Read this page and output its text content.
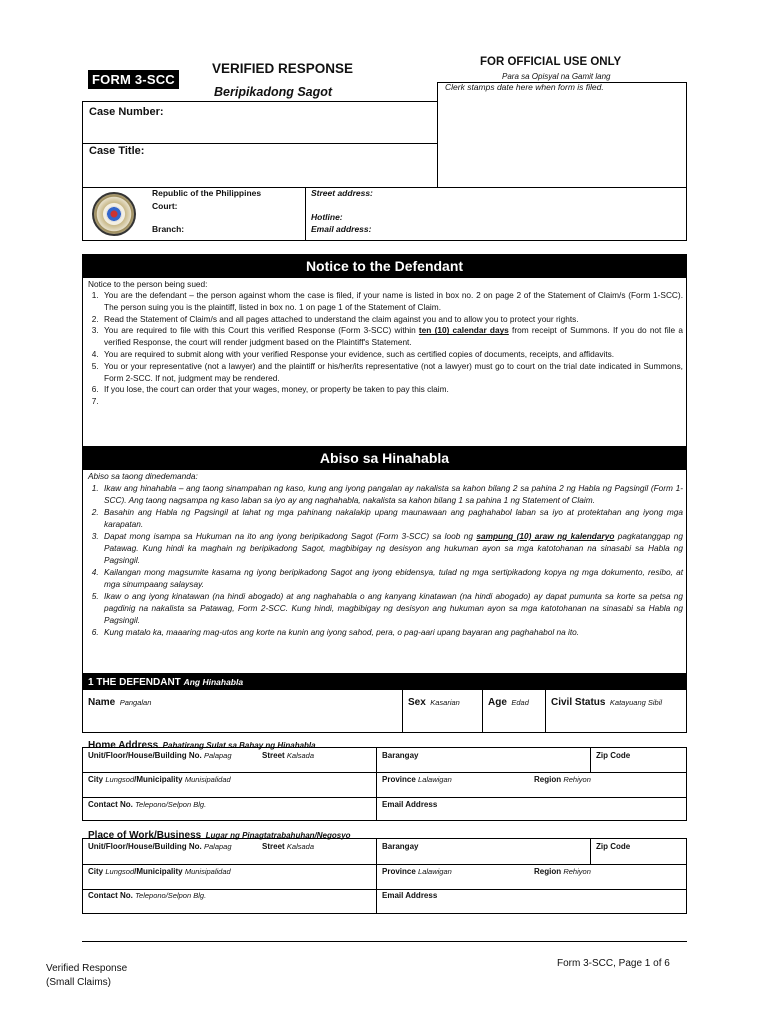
FORM 3-SCC
VERIFIED RESPONSE
Beripikadong Sagot
FOR OFFICIAL USE ONLY
Para sa Opisyal na Gamit lang
Case Number:
Case Title:
Clerk stamps date here when form is filed.
Republic of the Philippines
Court:
Branch:
Street address:
Hotline:
Email address:
Notice to the Defendant
Notice to the person being sued:
1. You are the defendant – the person against whom the case is filed, if your name is listed in box no. 2 on page 2 of the Statement of Claim/s (Form 1-SCC). The person suing you is the plaintiff, listed in box no. 1 on page 1 of the Statement of Claim.
2. Read the Statement of Claim/s and all pages attached to understand the claim against you and to allow you to protect your rights.
3. You are required to file with this Court this verified Response (Form 3-SCC) within ten (10) calendar days from receipt of Summons. If you do not file a verified Response, the court will render judgment based on the Plaintiff's Statement.
4. You are required to submit along with your verified Response your evidence, such as certified copies of documents, receipts, and affidavits.
5. You or your representative (not a lawyer) and the plaintiff or his/her/its representative (not a lawyer) must go to court on the trial date indicated in Summons, Form 2-SCC. If not, judgment may be rendered.
6. If you lose, the court can order that your wages, money, or property be taken to pay this claim.
7.
Abiso sa Hinahabla
Abiso sa taong dinedemanda:
1. Ikaw ang hinahabla – ang taong sinampahan ng kaso, kung ang iyong pangalan ay nakalista sa kahon bilang 2 sa pahina 2 ng Habla ng Pagsingil (Form 1-SCC). Ang taong nagsampa ng kaso laban sa iyo ay ang naghahabla, nakalista sa kahon bilang 1 sa pahina 1 ng Statement of Claim.
2. Basahin ang Habla ng Pagsingil at lahat ng mga pahinang nakalakip upang maunawaan ang paghahabol laban sa iyo at protektahan ang iyong mga karapatan.
3. Dapat mong isampa sa Hukuman na ito ang iyong beripikadong Sagot (Form 3-SCC) sa loob ng sampung (10) araw ng kalendaryo pagkatanggap ng Patawag. Kung hindi ka maghain ng beripikadong Sagot, magbibigay ng desisyon ang hukuman ayon sa mga katotohanan na sinasabi sa Habla ng Pagsingil.
4. Kailangan mong magsumite kasama ng iyong beripikadong Sagot ang iyong ebidensya, tulad ng mga sertipikadong kopya ng mga dokumento, resibo, at mga sinumpaang salaysay.
5. Ikaw o ang iyong kinatawan (na hindi abogado) at ang naghahabla o ang kanyang kinatawan (na hindi abogado) ay dapat pumunta sa korte sa petsa ng pagdinig na nakalista sa Patawag, Form 2-SCC. Kung hindi, magbibigay ng desisyon ang hukuman ayon sa mga katotohanan na sinasabi sa Habla ng Pagsingil.
6. Kung matalo ka, maaaring mag-utos ang korte na kunin ang iyong sahod, pera, o pag-aari upang bayaran ang paghahabol na ito.
1 THE DEFENDANT Ang Hinahabla
Name Pangalan	Sex Kasarian	Age Edad Civil Status Katayuang Sibil
Home Address Pahatirang Sulat sa Bahay ng Hinahabla
Unit/Floor/House/Building No. Palapag	Street Kalsada	Barangay	Zip Code
City Lungsod/Municipality Munisipalidad	Province Lalawigan	Region Rehiyon
Contact No. Telepono/Selpon Blg.	Email Address
Place of Work/Business Lugar ng Pinagtatrabahuhan/Negosyo
Unit/Floor/House/Building No. Palapag	Street Kalsada	Barangay	Zip Code
City Lungsod/Municipality Munisipalidad	Province Lalawigan	Region Rehiyon
Contact No. Telepono/Selpon Blg.	Email Address
Verified Response
(Small Claims)
Form 3-SCC, Page 1 of 6
